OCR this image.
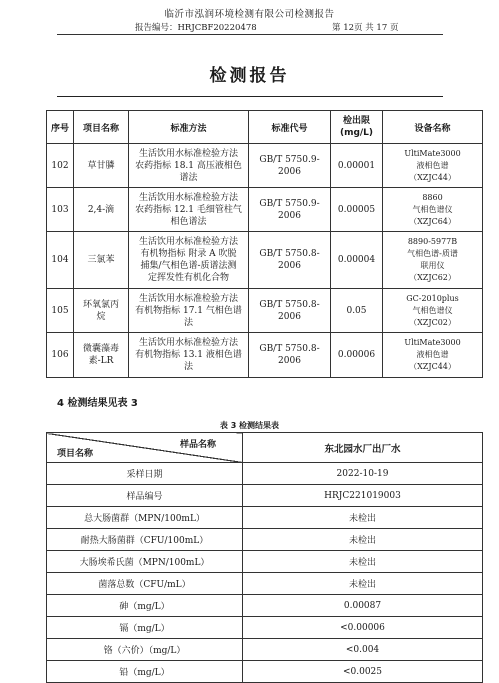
临沂市泓润环境检测有限公司检测报告
报告编号：HRJCBF20220478	第 12页 共 17 页
检测报告
序号	项目名称	标准方法	标准代号	检出限
(mg/L)	设备名称
102	草甘膦	生活饮用水标准检验方法
农药指标 18.1 高压液相色
谱法	GB/T 5750.9-
2006	0.00001	UltiMate3000
液相色谱
（XZJC44）
103	2,4-滴	生活饮用水标准检验方法
农药指标 12.1 毛细管柱气
相色谱法	GB/T 5750.9-
2006	0.00005	8860
气相色谱仪
（XZJC64）
104	三氯苯	生活饮用水标准检验方法
有机物指标 附录 A 吹脱
捕集/气相色谱-质谱法测
定挥发性有机化合物	GB/T 5750.8-
2006	0.00004	8890-5977B
气相色谱-质谱
联用仪
（XZJC62）
105	环氧氯丙
烷	生活饮用水标准检验方法
有机物指标 17.1 气相色谱
法	GB/T 5750.8-
2006	0.05	GC-2010plus
气相色谱仪
（XZJC02）
106	微囊藻毒
素-LR	生活饮用水标准检验方法
有机物指标 13.1 液相色谱
法	GB/T 5750.8-
2006	0.00006	UltiMate3000
液相色谱
（XZJC44）
4 检测结果见表 3
表 3 检测结果表
样品名称
项目名称	东北园水厂出厂水
采样日期	2022-10-19
样品编号	HRJC221019003
总大肠菌群（MPN/100mL）	未检出
耐热大肠菌群（CFU/100mL）	未检出
大肠埃希氏菌（MPN/100mL）	未检出
菌落总数（CFU/mL）	未检出
砷（mg/L）	0.00087
镉（mg/L）	<0.00006
铬（六价）（mg/L）	<0.004
铅（mg/L）	<0.0025
